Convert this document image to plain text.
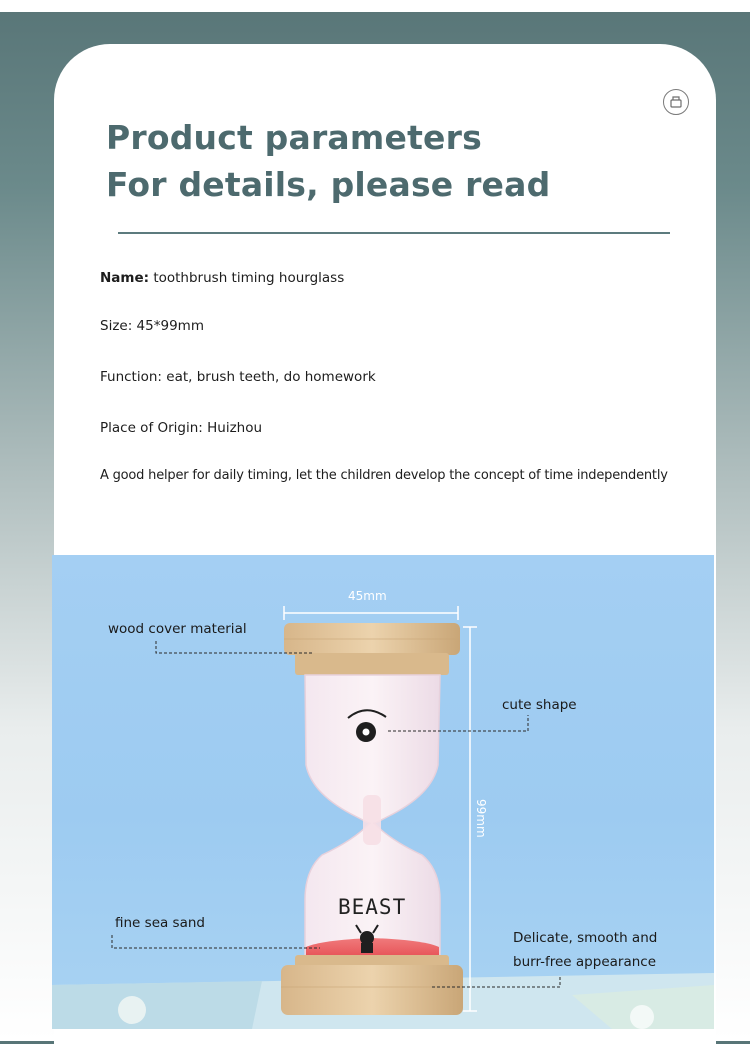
Product parameters
For details, please read
Name: toothbrush timing hourglass
Size: 45*99mm
Function: eat, brush teeth, do homework
Place of Origin: Huizhou
A good helper for daily timing, let the children develop the concept of time independently
45mm
99mm
wood cover material
cute shape
fine sea sand
Delicate, smooth and
burr-free appearance
BEAST
